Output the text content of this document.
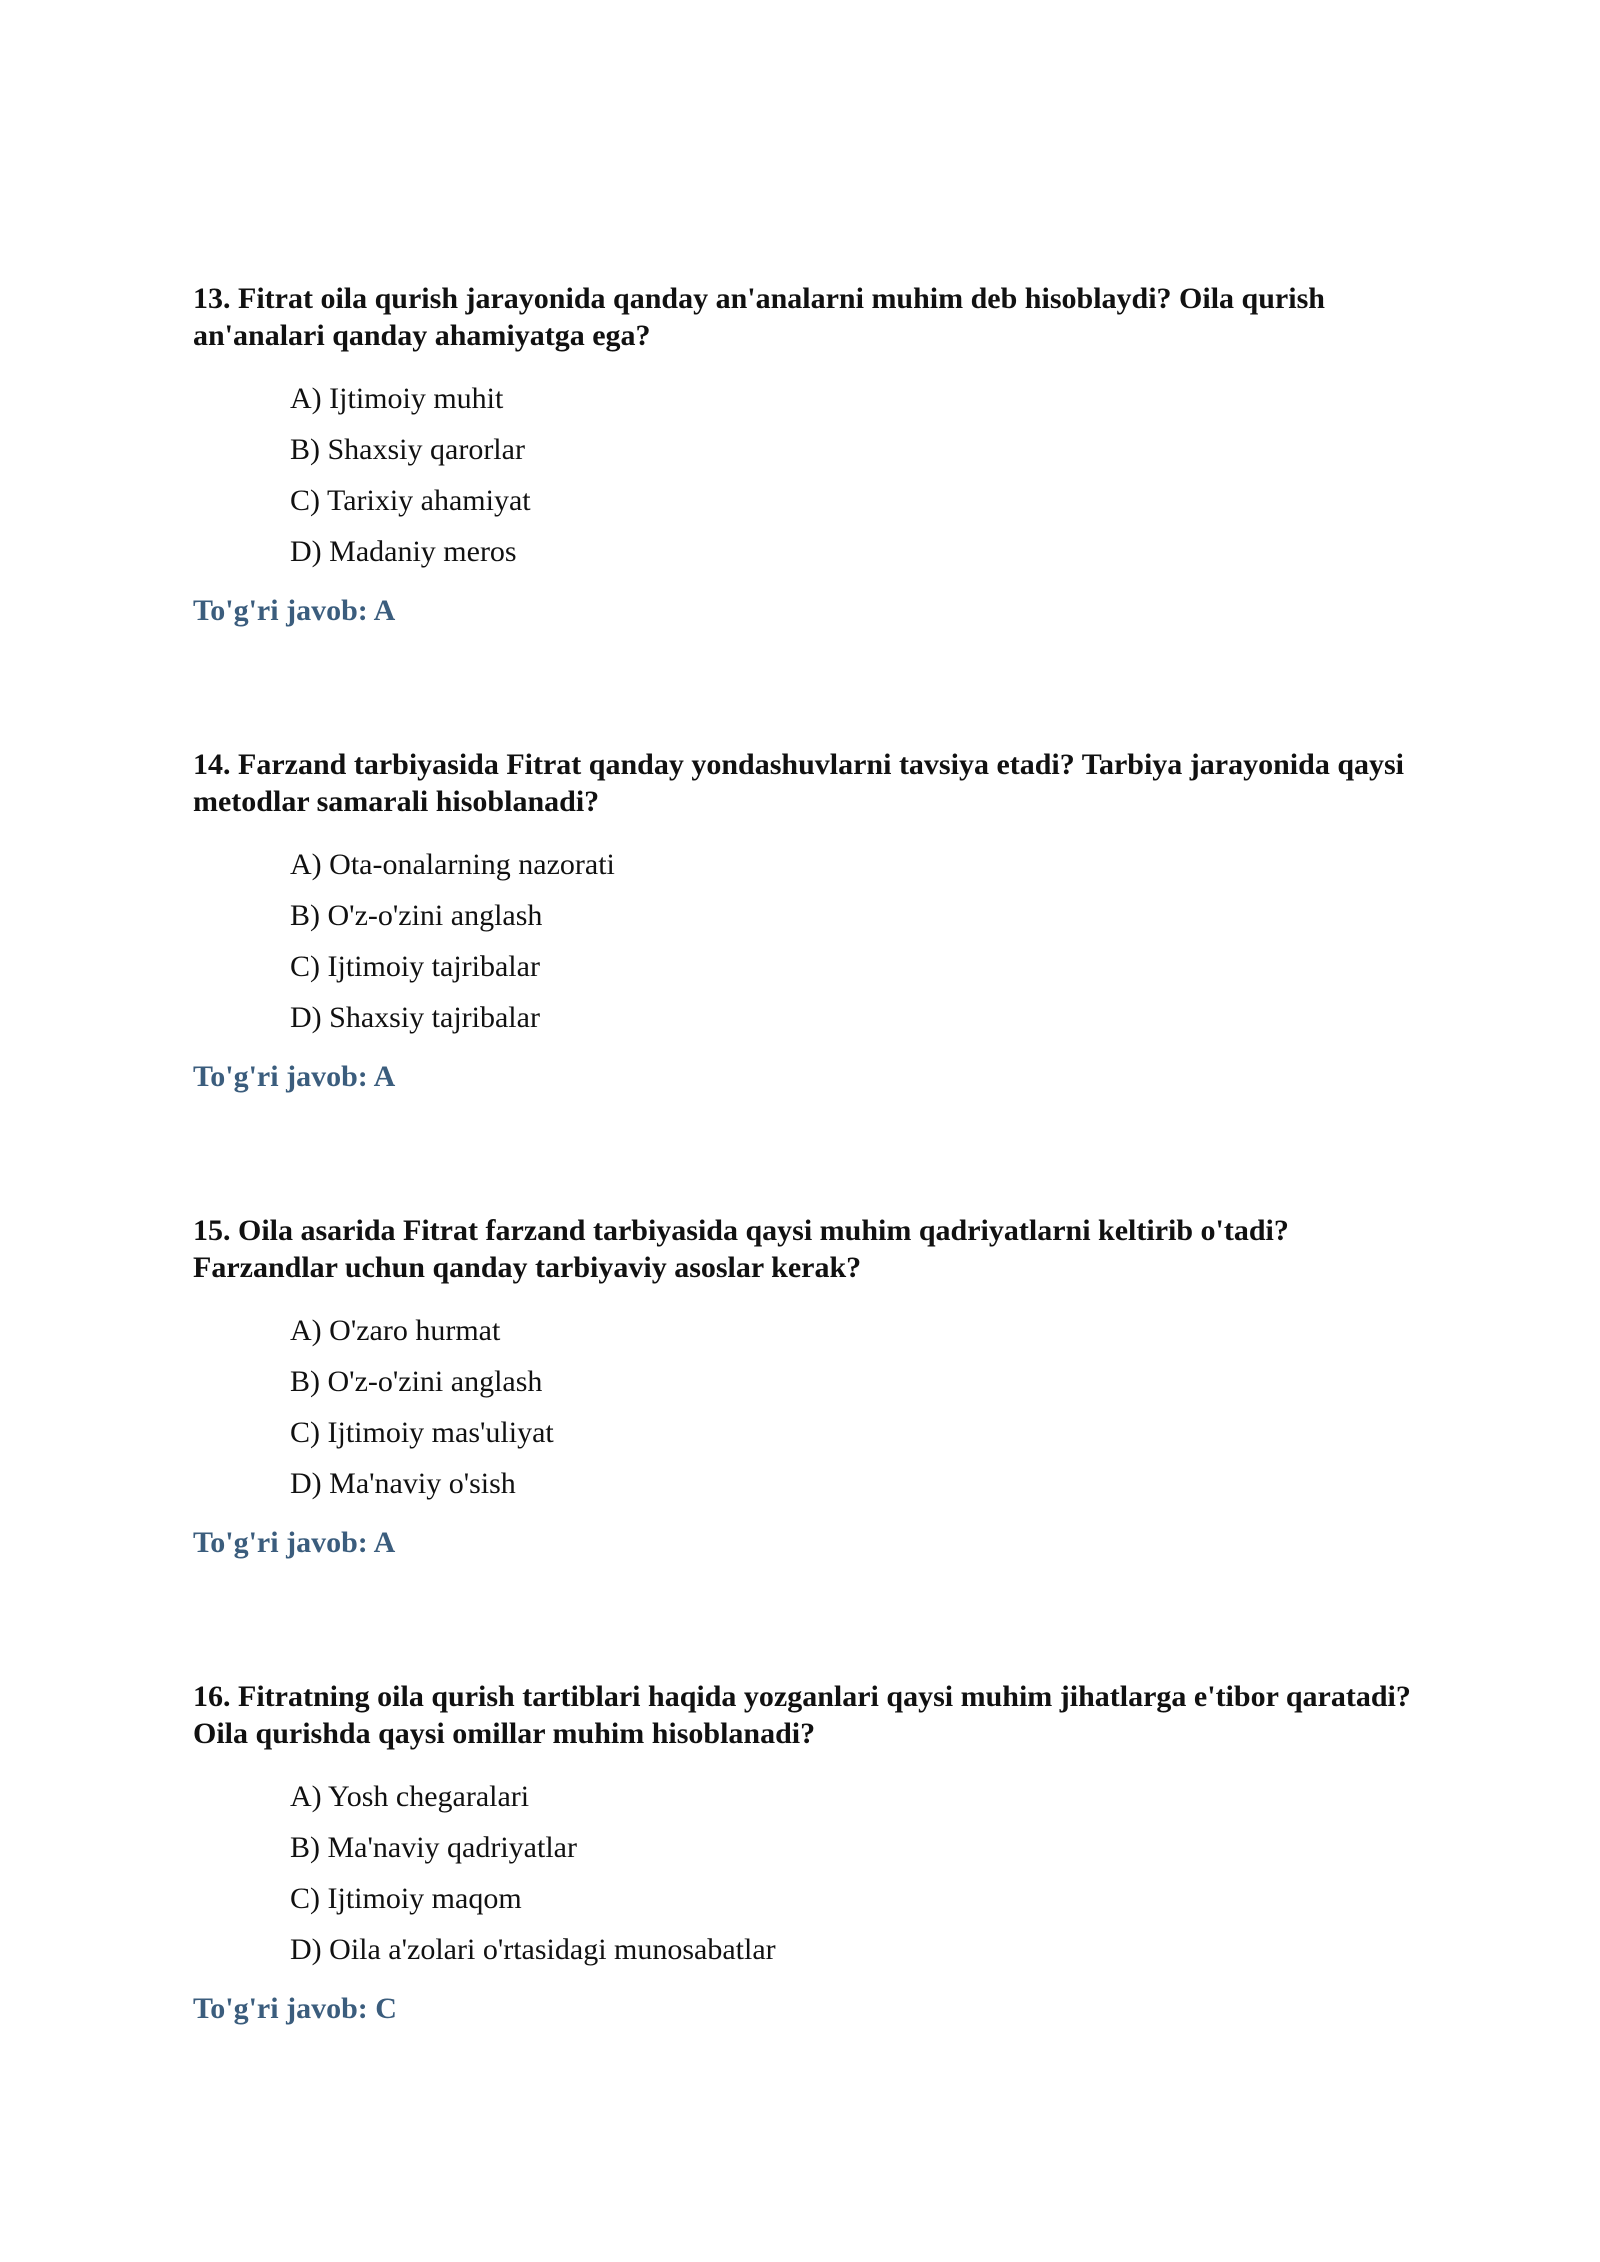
13. Fitrat oila qurish jarayonida qanday an'analarni muhim deb hisoblaydi? Oila qurish an'analari qanday ahamiyatga ega?

A) Ijtimoiy muhit
B) Shaxsiy qarorlar
C) Tarixiy ahamiyat
D) Madaniy meros
To'g'ri javob: A

14. Farzand tarbiyasida Fitrat qanday yondashuvlarni tavsiya etadi? Tarbiya jarayonida qaysi metodlar samarali hisoblanadi?

A) Ota-onalarning nazorati
B) O'z-o'zini anglash
C) Ijtimoiy tajribalar
D) Shaxsiy tajribalar
To'g'ri javob: A

15. Oila asarida Fitrat farzand tarbiyasida qaysi muhim qadriyatlarni keltirib o'tadi? Farzandlar uchun qanday tarbiyaviy asoslar kerak?

A) O'zaro hurmat
B) O'z-o'zini anglash
C) Ijtimoiy mas'uliyat
D) Ma'naviy o'sish
To'g'ri javob: A

16. Fitratning oila qurish tartiblari haqida yozganlari qaysi muhim jihatlarga e'tibor qaratadi? Oila qurishda qaysi omillar muhim hisoblanadi?

A) Yosh chegaralari
B) Ma'naviy qadriyatlar
C) Ijtimoiy maqom
D) Oila a'zolari o'rtasidagi munosabatlar
To'g'ri javob: C
